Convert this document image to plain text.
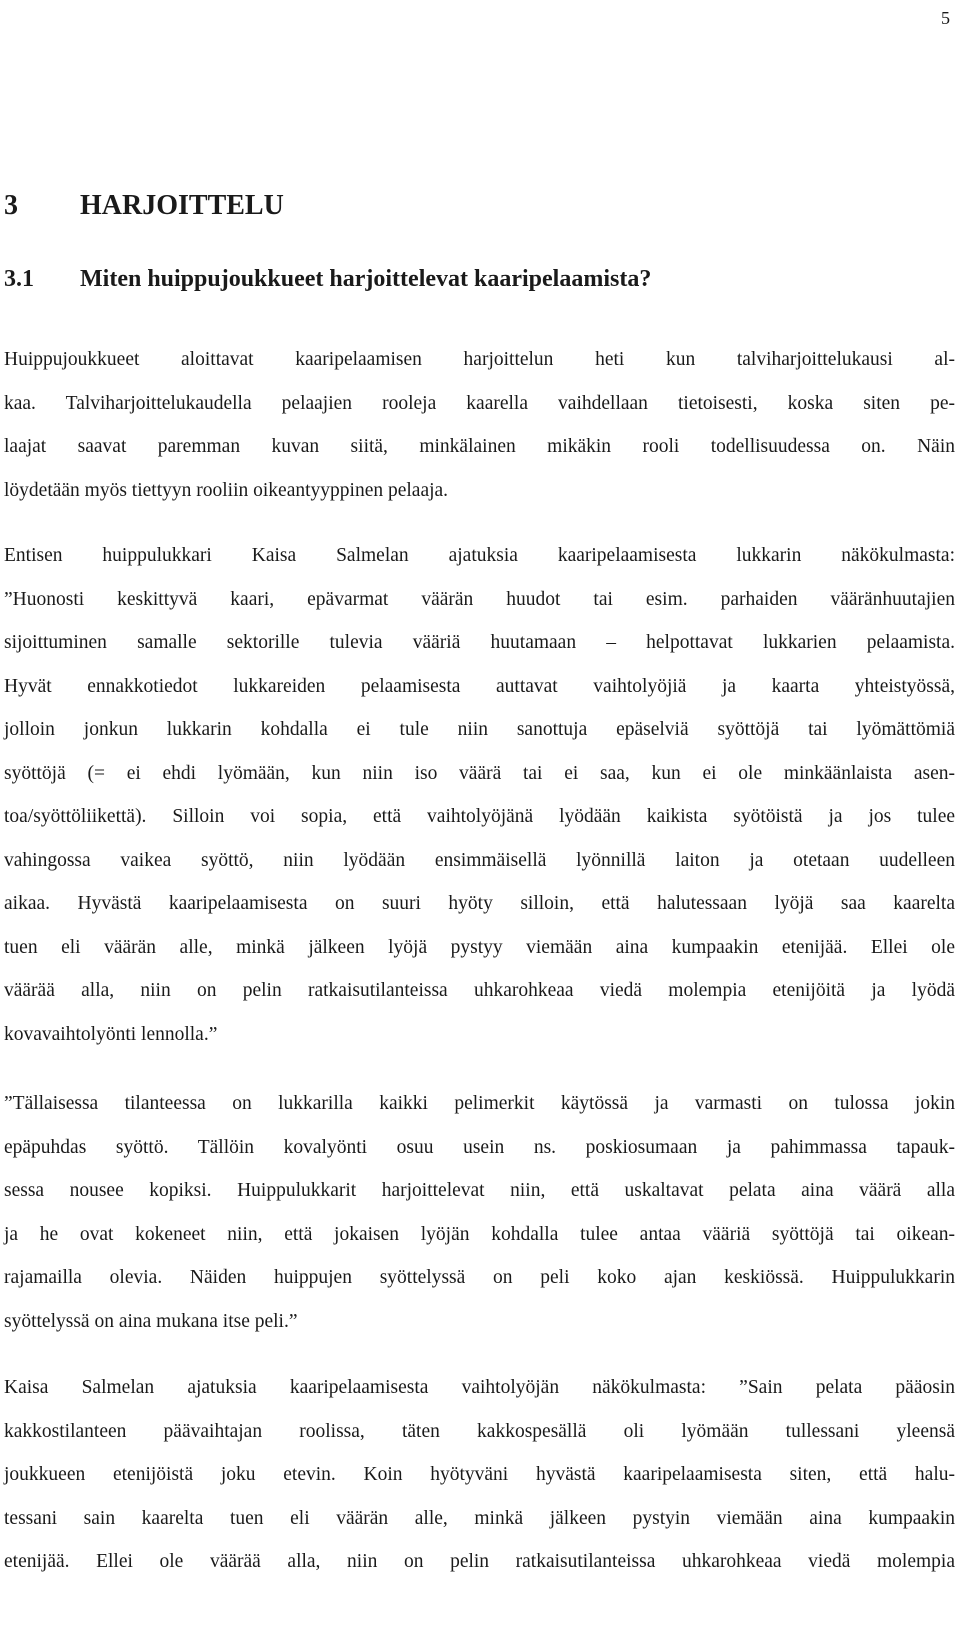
5
3 HARJOITTELU
3.1 Miten huippujoukkueet harjoittelevat kaaripelaamista?
Huippujoukkueet aloittavat kaaripelaamisen harjoittelun heti kun talviharjoittelukausi al-
kaa. Talviharjoittelukaudella pelaajien rooleja kaarella vaihdellaan tietoisesti, koska siten pe-
laajat saavat paremman kuvan siitä, minkälainen mikäkin rooli todellisuudessa on. Näin
löydetään myös tiettyyn rooliin oikeantyyppinen pelaaja.
Entisen huippulukkari Kaisa Salmelan ajatuksia kaaripelaamisesta lukkarin näkökulmasta:
”Huonosti keskittyvä kaari, epävarmat väärän huudot tai esim. parhaiden vääränhuutajien
sijoittuminen samalle sektorille tulevia vääriä huutamaan – helpottavat lukkarien pelaamista.
Hyvät ennakkotiedot lukkareiden pelaamisesta auttavat vaihtolyöjiä ja kaarta yhteistyössä,
jolloin jonkun lukkarin kohdalla ei tule niin sanottuja epäselviä syöttöjä tai lyömättömiä
syöttöjä (= ei ehdi lyömään, kun niin iso väärä tai ei saa, kun ei ole minkäänlaista asen-
toa/syöttöliikettä). Silloin voi sopia, että vaihtolyöjänä lyödään kaikista syötöistä ja jos tulee
vahingossa vaikea syöttö, niin lyödään ensimmäisellä lyönnillä laiton ja otetaan uudelleen
aikaa. Hyvästä kaaripelaamisesta on suuri hyöty silloin, että halutessaan lyöjä saa kaarelta
tuen eli väärän alle, minkä jälkeen lyöjä pystyy viemään aina kumpaakin etenijää. Ellei ole
väärää alla, niin on pelin ratkaisutilanteissa uhkarohkeaa viedä molempia etenijöitä ja lyödä
kovavaihtolyönti lennolla.”
”Tällaisessa tilanteessa on lukkarilla kaikki pelimerkit käytössä ja varmasti on tulossa jokin
epäpuhdas syöttö. Tällöin kovalyönti osuu usein ns. poskiosumaan ja pahimmassa tapauk-
sessa nousee kopiksi. Huippulukkarit harjoittelevat niin, että uskaltavat pelata aina väärä alla
ja he ovat kokeneet niin, että jokaisen lyöjän kohdalla tulee antaa vääriä syöttöjä tai oikean-
rajamailla olevia. Näiden huippujen syöttelyssä on peli koko ajan keskiössä. Huippulukkarin
syöttelyssä on aina mukana itse peli.”
Kaisa Salmelan ajatuksia kaaripelaamisesta vaihtolyöjän näkökulmasta: ”Sain pelata pääosin
kakkostilanteen päävaihtajan roolissa, täten kakkospesällä oli lyömään tullessani yleensä
joukkueen etenijöistä joku etevin. Koin hyötyväni hyvästä kaaripelaamisesta siten, että halu-
tessani sain kaarelta tuen eli väärän alle, minkä jälkeen pystyin viemään aina kumpaakin
etenijää. Ellei ole väärää alla, niin on pelin ratkaisutilanteissa uhkarohkeaa viedä molempia
